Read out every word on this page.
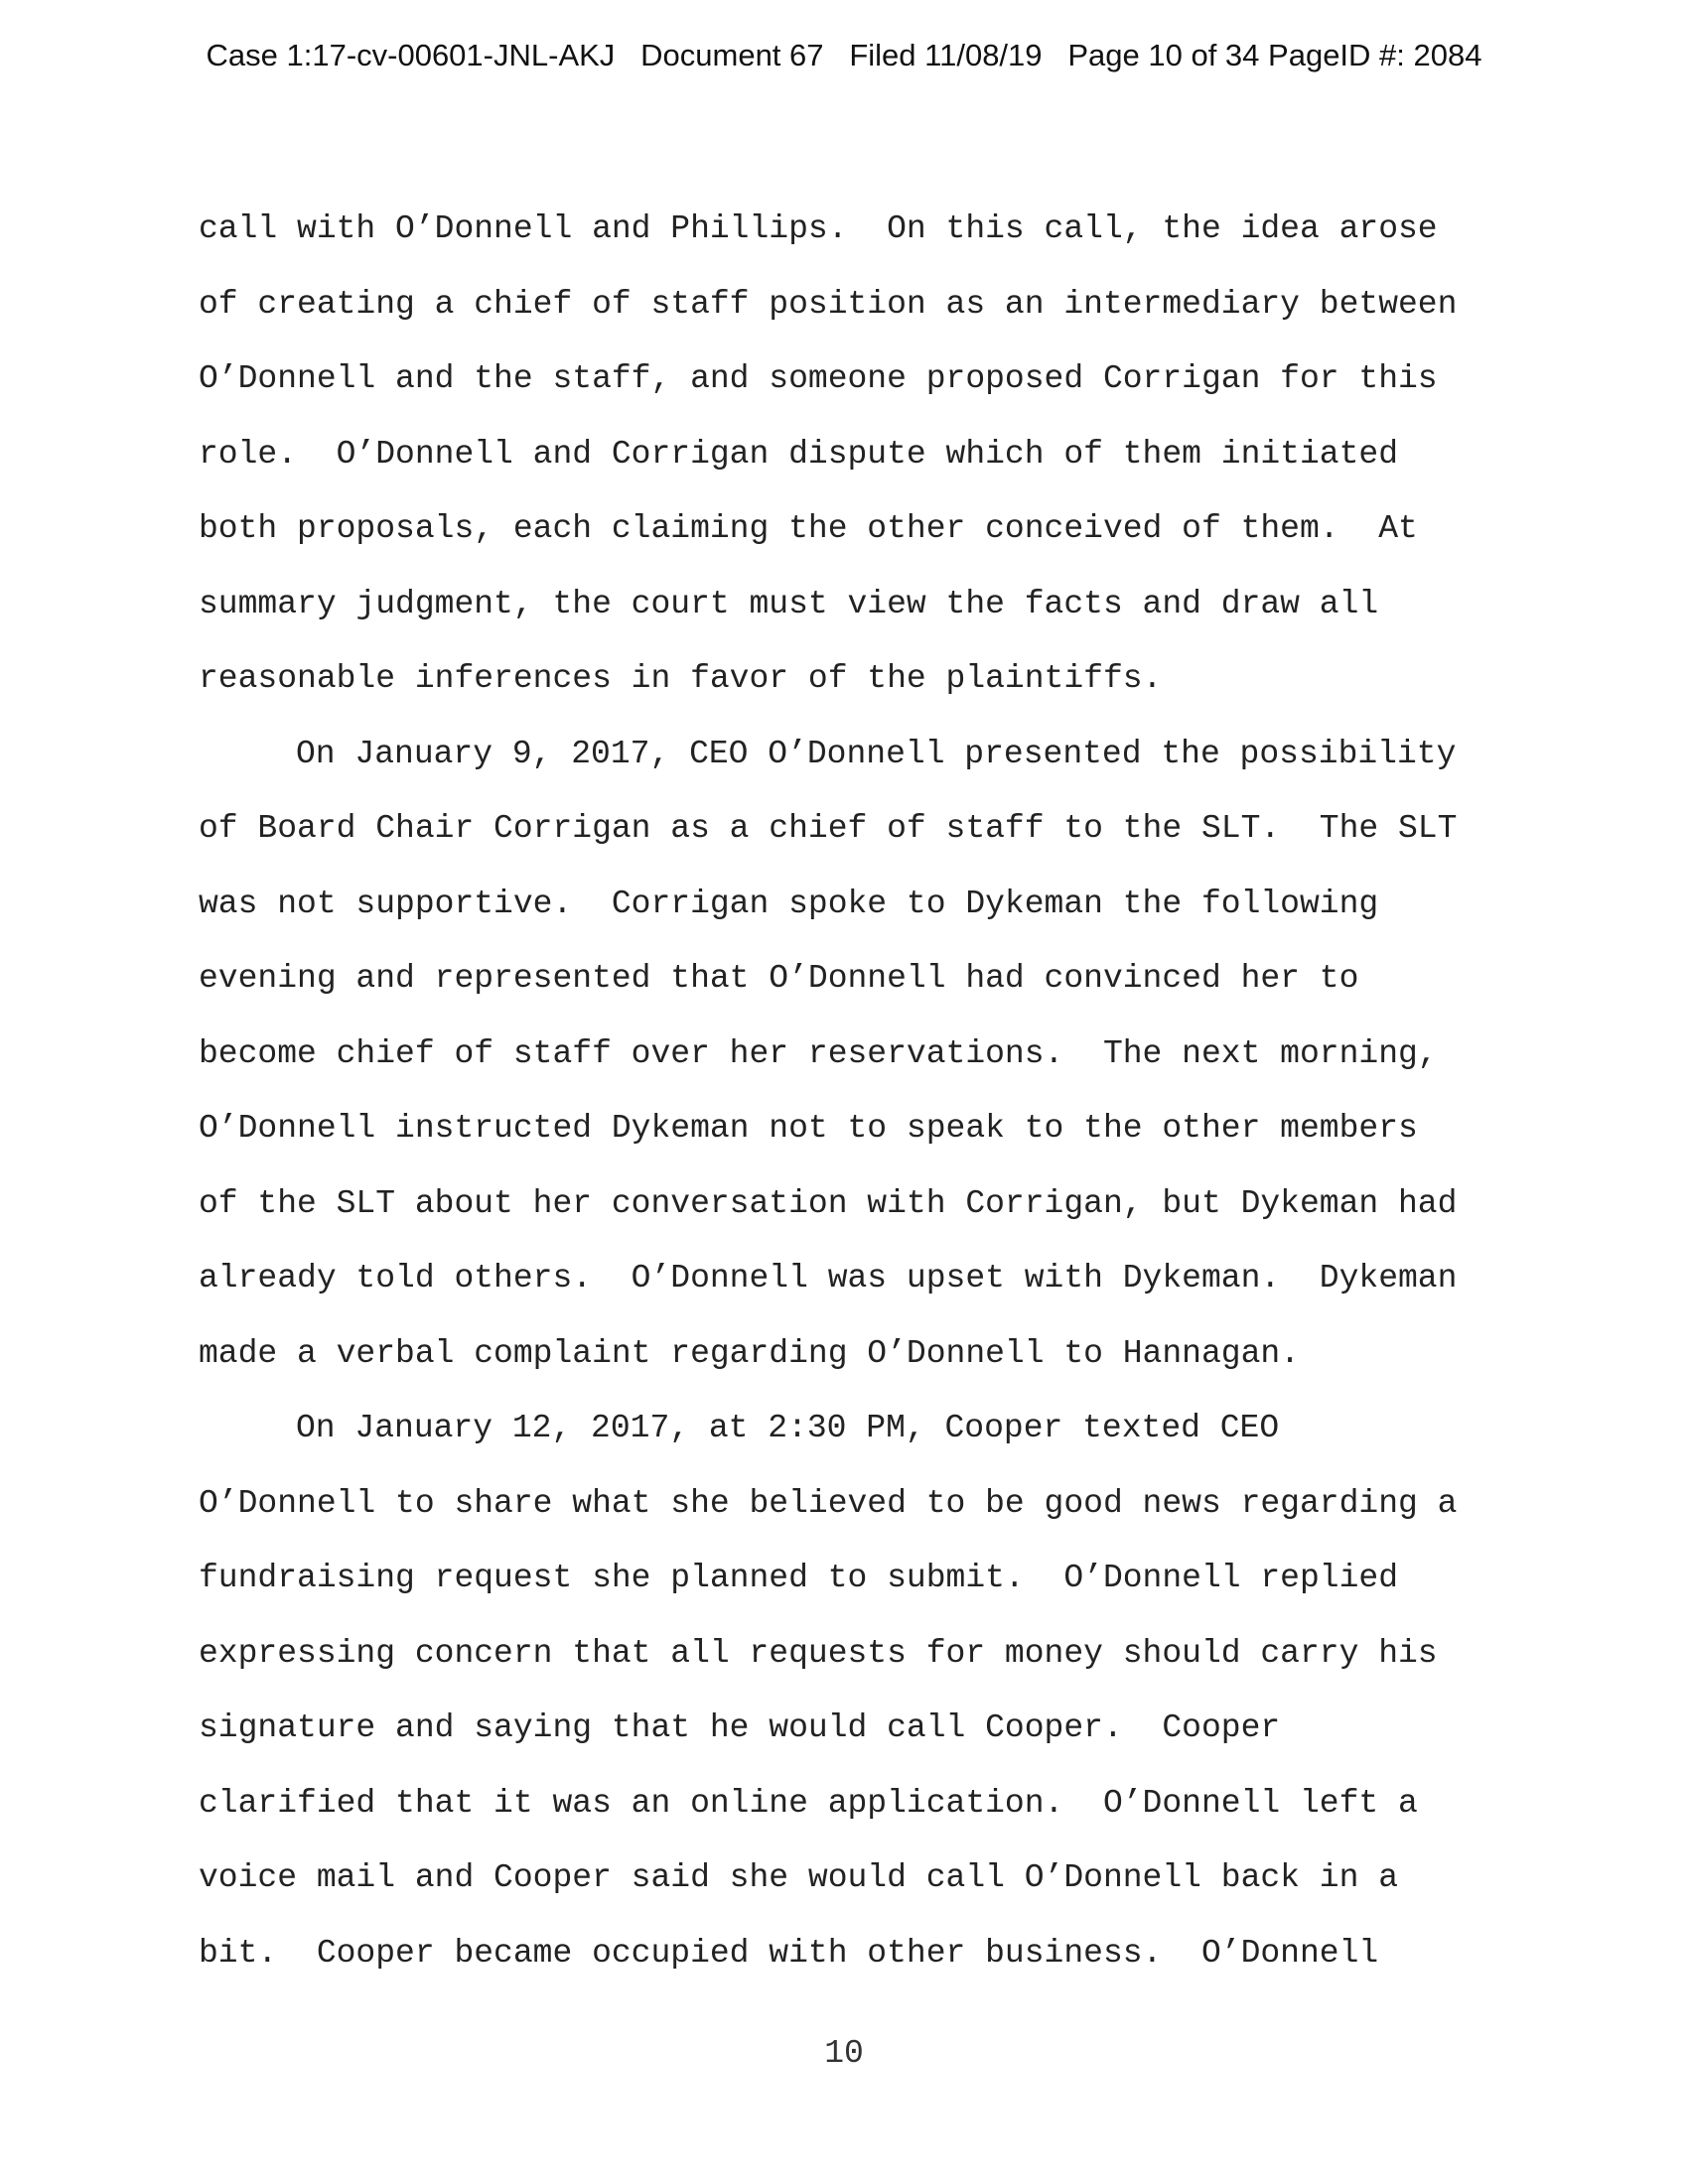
Case 1:17-cv-00601-JNL-AKJ   Document 67   Filed 11/08/19   Page 10 of 34 PageID #: 2084
call with O’Donnell and Phillips.  On this call, the idea arose
of creating a chief of staff position as an intermediary between
O’Donnell and the staff, and someone proposed Corrigan for this
role.  O’Donnell and Corrigan dispute which of them initiated
both proposals, each claiming the other conceived of them.  At
summary judgment, the court must view the facts and draw all
reasonable inferences in favor of the plaintiffs.
On January 9, 2017, CEO O’Donnell presented the possibility
of Board Chair Corrigan as a chief of staff to the SLT.  The SLT
was not supportive.  Corrigan spoke to Dykeman the following
evening and represented that O’Donnell had convinced her to
become chief of staff over her reservations.  The next morning,
O’Donnell instructed Dykeman not to speak to the other members
of the SLT about her conversation with Corrigan, but Dykeman had
already told others.  O’Donnell was upset with Dykeman.  Dykeman
made a verbal complaint regarding O’Donnell to Hannagan.
On January 12, 2017, at 2:30 PM, Cooper texted CEO
O’Donnell to share what she believed to be good news regarding a
fundraising request she planned to submit.  O’Donnell replied
expressing concern that all requests for money should carry his
signature and saying that he would call Cooper.  Cooper
clarified that it was an online application.  O’Donnell left a
voice mail and Cooper said she would call O’Donnell back in a
bit.  Cooper became occupied with other business.  O’Donnell
10
